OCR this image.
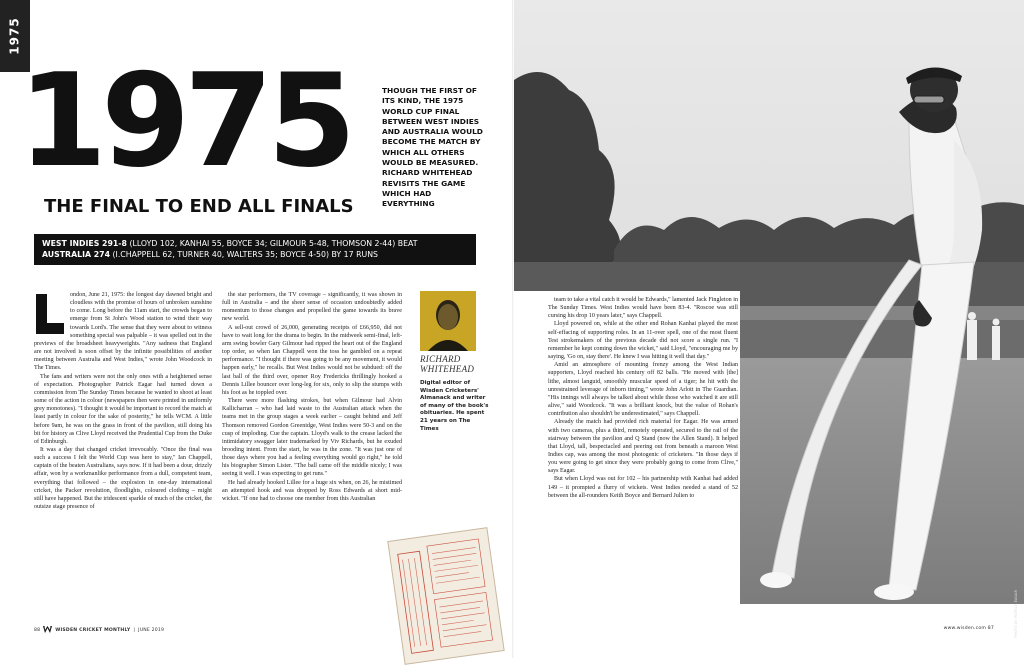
1975
1975
THE FINAL TO END ALL FINALS
THOUGH THE FIRST OF ITS KIND, THE 1975 WORLD CUP FINAL BETWEEN WEST INDIES AND AUSTRALIA WOULD BECOME THE MATCH BY WHICH ALL OTHERS WOULD BE MEASURED. RICHARD WHITEHEAD REVISITS THE GAME WHICH HAD EVERYTHING
WEST INDIES 291-8 (LLOYD 102, KANHAI 55, BOYCE 34; GILMOUR 5-48, THOMSON 2-44) BEAT
AUSTRALIA 274 (I.CHAPPELL 62, TURNER 40, WALTERS 35; BOYCE 4-50) BY 17 RUNS

ondon, June 21, 1975: the longest day dawned bright and cloudless with the promise of hours of unbroken sunshine to come. Long before the 11am start, the crowds began to emerge from St John's Wood station to wind their way towards Lord's. The sense that they were about to witness something special was palpable – it was spelled out in the previews of the broadsheet heavyweights. "Any sadness that England are not involved is soon offset by the infinite possibilities of another meeting between Australia and West Indies," wrote John Woodcock in The Times.

The fans and writers were not the only ones with a heightened sense of expectation. Photographer Patrick Eagar had turned down a commission from The Sunday Times because he wanted to shoot at least some of the action in colour (newspapers then were printed in uniformly grey monotones). "I thought it would be important to record the match at least partly in colour for the sake of posterity," he tells WCM. A little before 9am, he was on the grass in front of the pavilion, still doing his bit for history as Clive Lloyd received the Prudential Cup from the Duke of Edinburgh.

It was a day that changed cricket irrevocably. "Once the final was such a success I felt the World Cup was here to stay," Ian Chappell, captain of the beaten Australians, says now. If it had been a dour, drizzly affair, won by a workmanlike performance from a dull, competent team, everything that followed – the explosion in one-day international cricket, the Packer revolution, floodlights, coloured clothing – might still have happened. But the iridescent sparkle of much of the cricket, the outsize stage presence of

the star performers, the TV coverage – significantly, it was shown in full in Australia – and the sheer sense of occasion undoubtedly added momentum to those changes and propelled the game towards its brave new world.

A sell-out crowd of 26,000, generating receipts of £66,950, did not have to wait long for the drama to begin. In the midweek semi-final, left-arm swing bowler Gary Gilmour had ripped the heart out of the England top order, so when Ian Chappell won the toss he gambled on a repeat performance. "I thought if there was going to be any movement, it would happen early," he recalls. But West Indies would not be subdued: off the last ball of the third over, opener Roy Fredericks thrillingly hooked a Dennis Lillee bouncer over long-leg for six, only to slip the stumps with his foot as he toppled over.

There were more flashing strokes, but when Gilmour had Alvin Kallicharran – who had laid waste to the Australian attack when the teams met in the group stages a week earlier – caught behind and Jeff Thomson removed Gordon Greenidge, West Indies were 50-3 and on the cusp of imploding. Cue the captain. Lloyd's walk to the crease lacked the intimidatory swagger later trademarked by Viv Richards, but he exuded brooding intent. From the start, he was in the zone. "It was just one of those days where you had a feeling everything would go right," he told his biographer Simon Lister. "The ball came off the middle nicely; I was seeing it well. I was expecting to get runs."

He had already hooked Lillee for a huge six when, on 26, he mistimed an attempted hook and was dropped by Ross Edwards at short mid-wicket. "If one had to choose one member from this Australian

RICHARD WHITEHEAD
Digital editor of Wisden Cricketers' Almanack and writer of many of the book's obituaries. He spent 21 years on The Times
88	WISDEN CRICKET MONTHLY | JUNE 2019	PHOTO BY PATRICK EAGAR

team to take a vital catch it would be Edwards," lamented Jack Fingleton in The Sunday Times. West Indies would have been 83-4. "Roscoe was still cursing his drop 10 years later," says Chappell.

Lloyd powered on, while at the other end Rohan Kanhai played the most self-effacing of supporting roles. In an 11-over spell, one of the most fluent Test strokemakers of the previous decade did not score a single run. "I remember he kept coming down the wicket," said Lloyd, "encouraging me by saying, 'Go on, stay there'. He knew I was hitting it well that day."

Amid an atmosphere of mounting frenzy among the West Indian supporters, Lloyd reached his century off 82 balls. "He moved with [the] lithe, almost languid, smoothly muscular speed of a tiger; he hit with the unrestrained leverage of inborn timing," wrote John Arlott in The Guardian. "His innings will always be talked about while those who watched it are still alive," said Woodcock. "It was a brilliant knock, but the value of Rohan's contribution also shouldn't be underestimated," says Chappell.

Already the match had provided rich material for Eagar. He was armed with two cameras, plus a third, remotely operated, secured to the rail of the stairway between the pavilion and Q Stand (now the Allen Stand). It helped that Lloyd, tall, bespectacled and peering out from beneath a maroon West Indies cap, was among the most photogenic of cricketers. "In those days if you were going to get since they were probably going to come from Clive," says Eagar.

But when Lloyd was out for 102 – his partnership with Kanhai had added 149 – it prompted a flurry of wickets. West Indies needed a stand of 52 between the all-rounders Keith Boyce and Bernard Julien to

www.wisden.com 87
